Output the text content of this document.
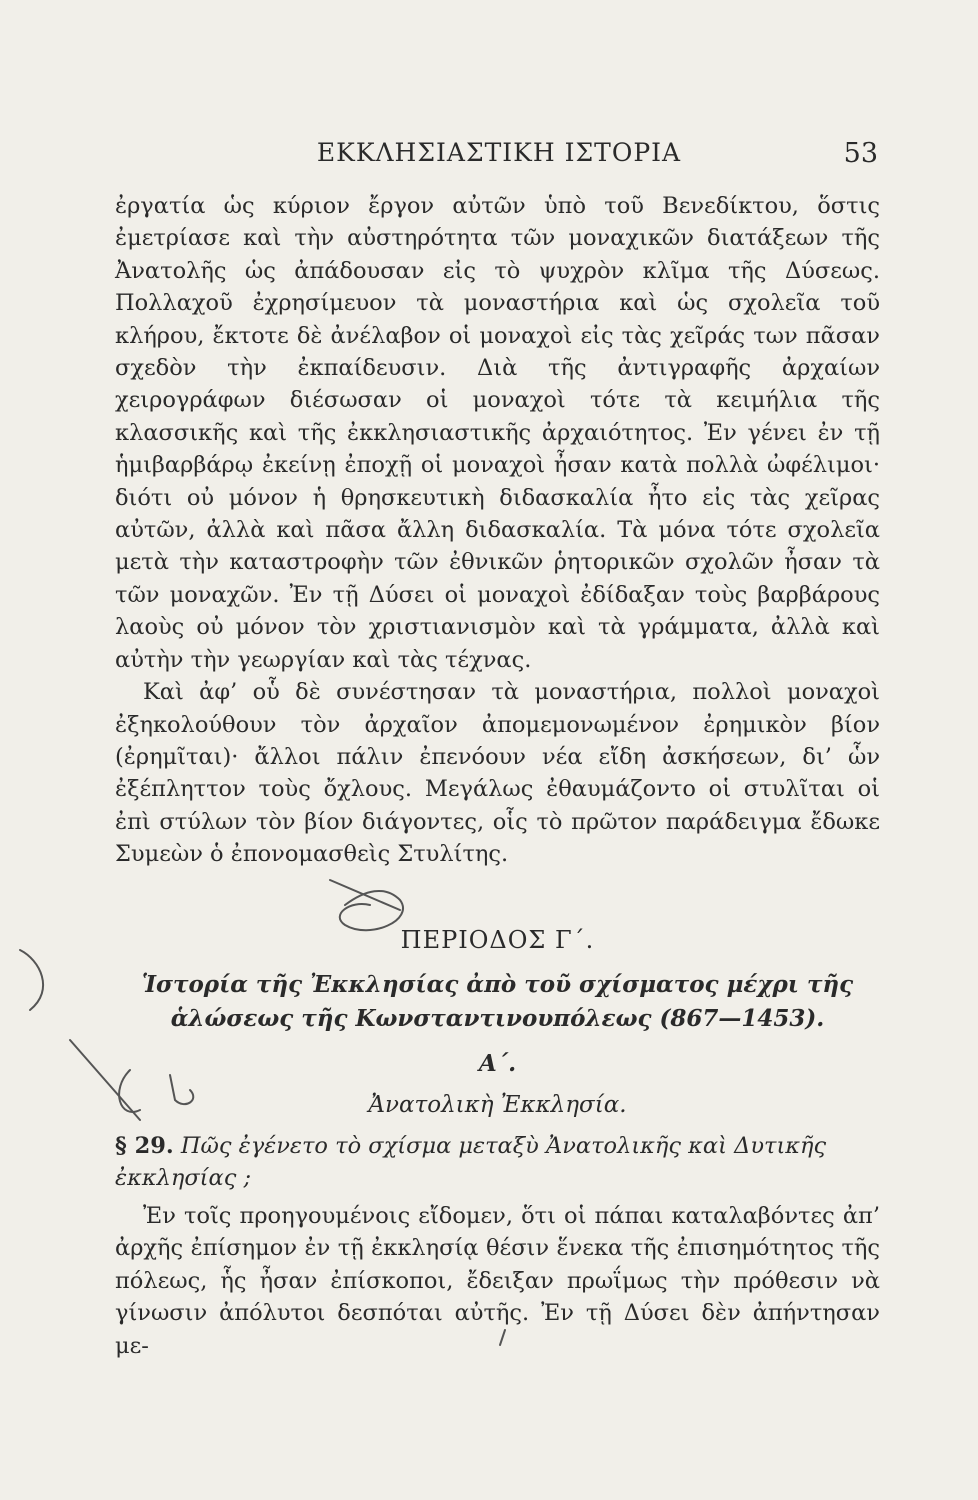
ΕΚΚΛΗΣΙΑΣΤΙΚΗ ΙΣΤΟΡΙΑ	53

ἐργατία ὡς κύριον ἔργον αὐτῶν ὑπὸ τοῦ Βενεδίκτου, ὅστις ἐμετρίασε καὶ τὴν αὐστηρότητα τῶν μοναχικῶν διατάξεων τῆς Ἀνατολῆς ὡς ἀπάδουσαν εἰς τὸ ψυχρὸν κλῖμα τῆς Δύσεως. Πολλαχοῦ ἐχρησίμευον τὰ μοναστήρια καὶ ὡς σχολεῖα τοῦ κλήρου, ἔκτοτε δὲ ἀνέλαβον οἱ μοναχοὶ εἰς τὰς χεῖράς των πᾶσαν σχεδὸν τὴν ἐκπαίδευσιν. Διὰ τῆς ἀντιγραφῆς ἀρχαίων χειρογράφων διέσωσαν οἱ μοναχοὶ τότε τὰ κειμήλια τῆς κλασσικῆς καὶ τῆς ἐκκλησιαστικῆς ἀρχαιότητος. Ἐν γένει ἐν τῇ ἡμιβαρβάρῳ ἐκείνῃ ἐποχῇ οἱ μοναχοὶ ἦσαν κατὰ πολλὰ ὠφέλιμοι· διότι οὐ μόνον ἡ θρησκευτικὴ διδασκαλία ἦτο εἰς τὰς χεῖρας αὐτῶν, ἀλλὰ καὶ πᾶσα ἄλλη διδασκαλία. Τὰ μόνα τότε σχολεῖα μετὰ τὴν καταστροφὴν τῶν ἐθνικῶν ῥητορικῶν σχολῶν ἦσαν τὰ τῶν μοναχῶν. Ἐν τῇ Δύσει οἱ μοναχοὶ ἐδίδαξαν τοὺς βαρβάρους λαοὺς οὐ μόνον τὸν χριστιανισμὸν καὶ τὰ γράμματα, ἀλλὰ καὶ αὐτὴν τὴν γεωργίαν καὶ τὰς τέχνας.

Καὶ ἀφ’ οὗ δὲ συνέστησαν τὰ μοναστήρια, πολλοὶ μοναχοὶ ἐξηκολούθουν τὸν ἀρχαῖον ἀπομεμονωμένον ἐρημικὸν βίον (ἐρημῖται)· ἄλλοι πάλιν ἐπενόουν νέα εἴδη ἀσκήσεων, δι’ ὧν ἐξέπληττον τοὺς ὄχλους. Μεγάλως ἐθαυμάζοντο οἱ στυλῖται οἱ ἐπὶ στύλων τὸν βίον διάγοντες, οἷς τὸ πρῶτον παράδειγμα ἔδωκε Συμεὼν ὁ ἐπονομασθεὶς Στυλίτης.

ΠΕΡΙΟΔΟΣ Γ΄.
Ἱστορία τῆς Ἐκκλησίας ἀπὸ τοῦ σχίσματος μέχρι τῆς
ἁλώσεως τῆς Κωνσταντινουπόλεως (867—1453).
Α΄.
Ἀνατολικὴ Ἐκκλησία.
§ 29. Πῶς ἐγένετο τὸ σχίσμα μεταξὺ Ἀνατολικῆς καὶ Δυτικῆς ἐκκλησίας ;

Ἐν τοῖς προηγουμένοις εἴδομεν, ὅτι οἱ πάπαι καταλαβόντες ἀπ’ ἀρχῆς ἐπίσημον ἐν τῇ ἐκκλησίᾳ θέσιν ἕνεκα τῆς ἐπισημότητος τῆς πόλεως, ἧς ἦσαν ἐπίσκοποι, ἔδειξαν πρωΐμως τὴν πρόθεσιν νὰ γίνωσιν ἀπόλυτοι δεσπόται αὐτῆς. Ἐν τῇ Δύσει δὲν ἀπήντησαν με-
